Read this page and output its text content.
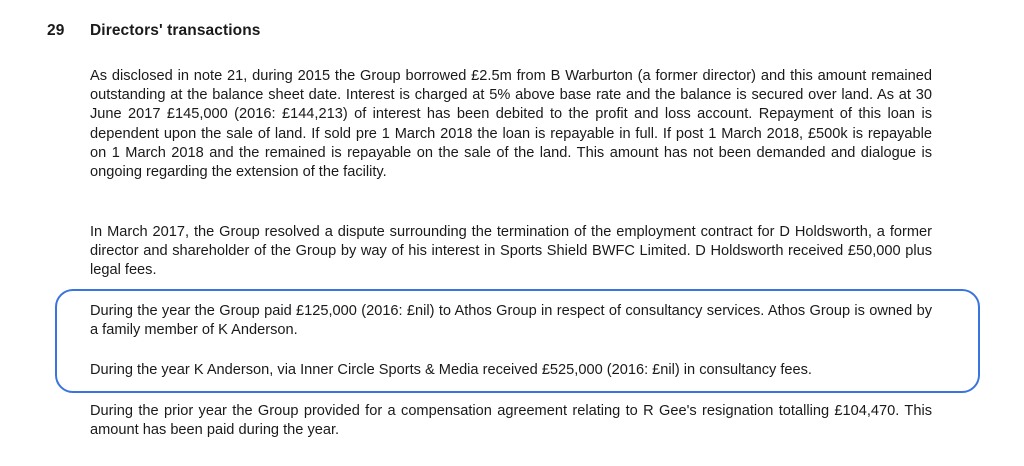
29 Directors' transactions

As disclosed in note 21, during 2015 the Group borrowed £2.5m from B Warburton (a former director) and this amount remained outstanding at the balance sheet date. Interest is charged at 5% above base rate and the balance is secured over land. As at 30 June 2017 £145,000 (2016: £144,213) of interest has been debited to the profit and loss account. Repayment of this loan is dependent upon the sale of land. If sold pre 1 March 2018 the loan is repayable in full. If post 1 March 2018, £500k is repayable on 1 March 2018 and the remained is repayable on the sale of the land. This amount has not been demanded and dialogue is ongoing regarding the extension of the facility.

In March 2017, the Group resolved a dispute surrounding the termination of the employment contract for D Holdsworth, a former director and shareholder of the Group by way of his interest in Sports Shield BWFC Limited. D Holdsworth received £50,000 plus legal fees.

During the year the Group paid £125,000 (2016: £nil) to Athos Group in respect of consultancy services. Athos Group is owned by a family member of K Anderson.

During the year K Anderson, via Inner Circle Sports & Media received £525,000 (2016: £nil) in consultancy fees.

During the prior year the Group provided for a compensation agreement relating to R Gee's resignation totalling £104,470. This amount has been paid during the year.
